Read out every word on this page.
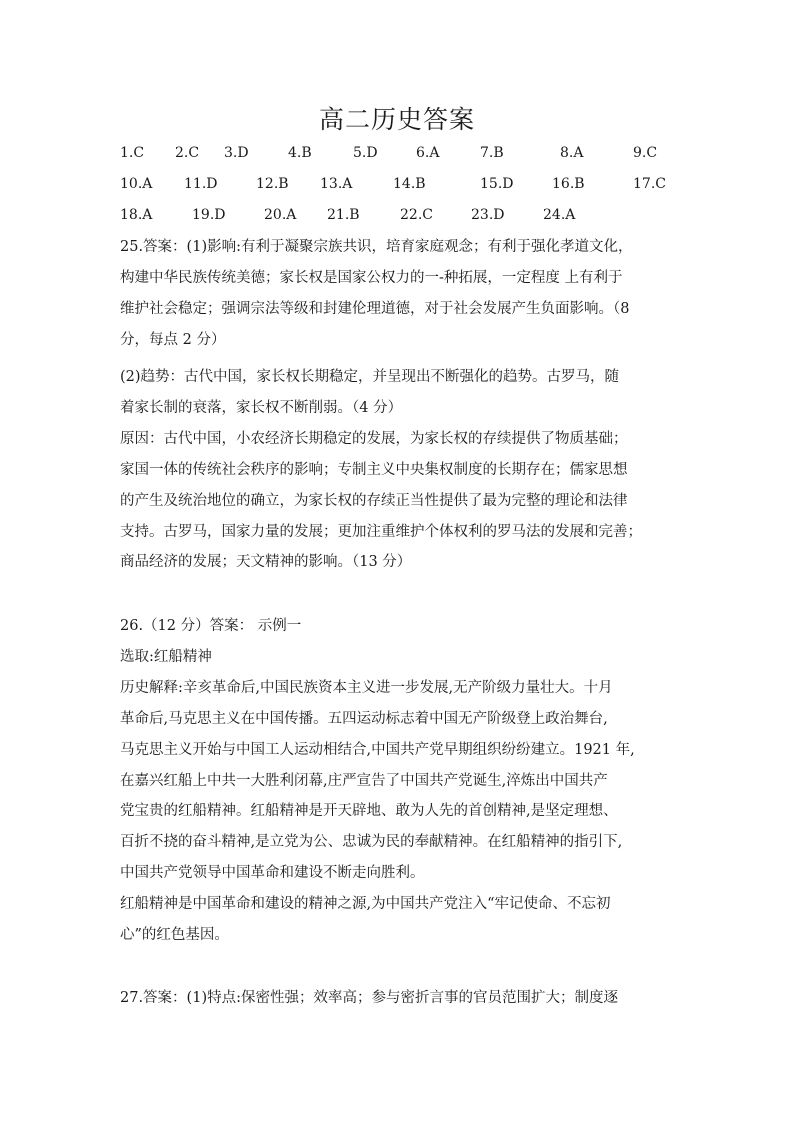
高二历史答案
1.C 2.C 3.D	4.B	5.D	6.A	7.B	8.A	9.C
10.A 11.D	12.B 13.A	14.B	15.D	16.B	17.C
18.A	19.D	20.A 21.B	22.C	23.D	24.A
25.答案：(1)影响:有利于凝聚宗族共识，培育家庭观念；有利于强化孝道文化，
构建中华民族传统美德；家长权是国家公权力的一-种拓展，一定程度 上有利于
维护社会稳定；强调宗法等级和封建伦理道德，对于社会发展产生负面影响。（8
分，每点 2 分）
(2)趋势：古代中国，家长权长期稳定，并呈现出不断强化的趋势。古罗马，随
着家长制的衰落，家长权不断削弱。（4 分）
原因：古代中国，小农经济长期稳定的发展，为家长权的存续提供了物质基础；
家国一体的传统社会秩序的影响；专制主义中央集权制度的长期存在；儒家思想
的产生及统治地位的确立，为家长权的存续正当性提供了最为完整的理论和法律
支持。古罗马，国家力量的发展；更加注重维护个体权利的罗马法的发展和完善；
商品经济的发展；天文精神的影响。（13 分）
26.（12 分）答案： 示例一
选取:红船精神
历史解释:辛亥革命后,中国民族资本主义进一步发展,无产阶级力量壮大。十月
革命后,马克思主义在中国传播。五四运动标志着中国无产阶级登上政治舞台,
马克思主义开始与中国工人运动相结合,中国共产党早期组织纷纷建立。1921 年,
在嘉兴红船上中共一大胜利闭幕,庄严宣告了中国共产党诞生,淬炼出中国共产
党宝贵的红船精神。红船精神是开天辟地、敢为人先的首创精神,是坚定理想、
百折不挠的奋斗精神,是立党为公、忠诚为民的奉献精神。在红船精神的指引下,
中国共产党领导中国革命和建设不断走向胜利。
红船精神是中国革命和建设的精神之源,为中国共产党注入“牢记使命、不忘初
心”的红色基因。
27.答案：(1)特点:保密性强；效率高；参与密折言事的官员范围扩大；制度逐
